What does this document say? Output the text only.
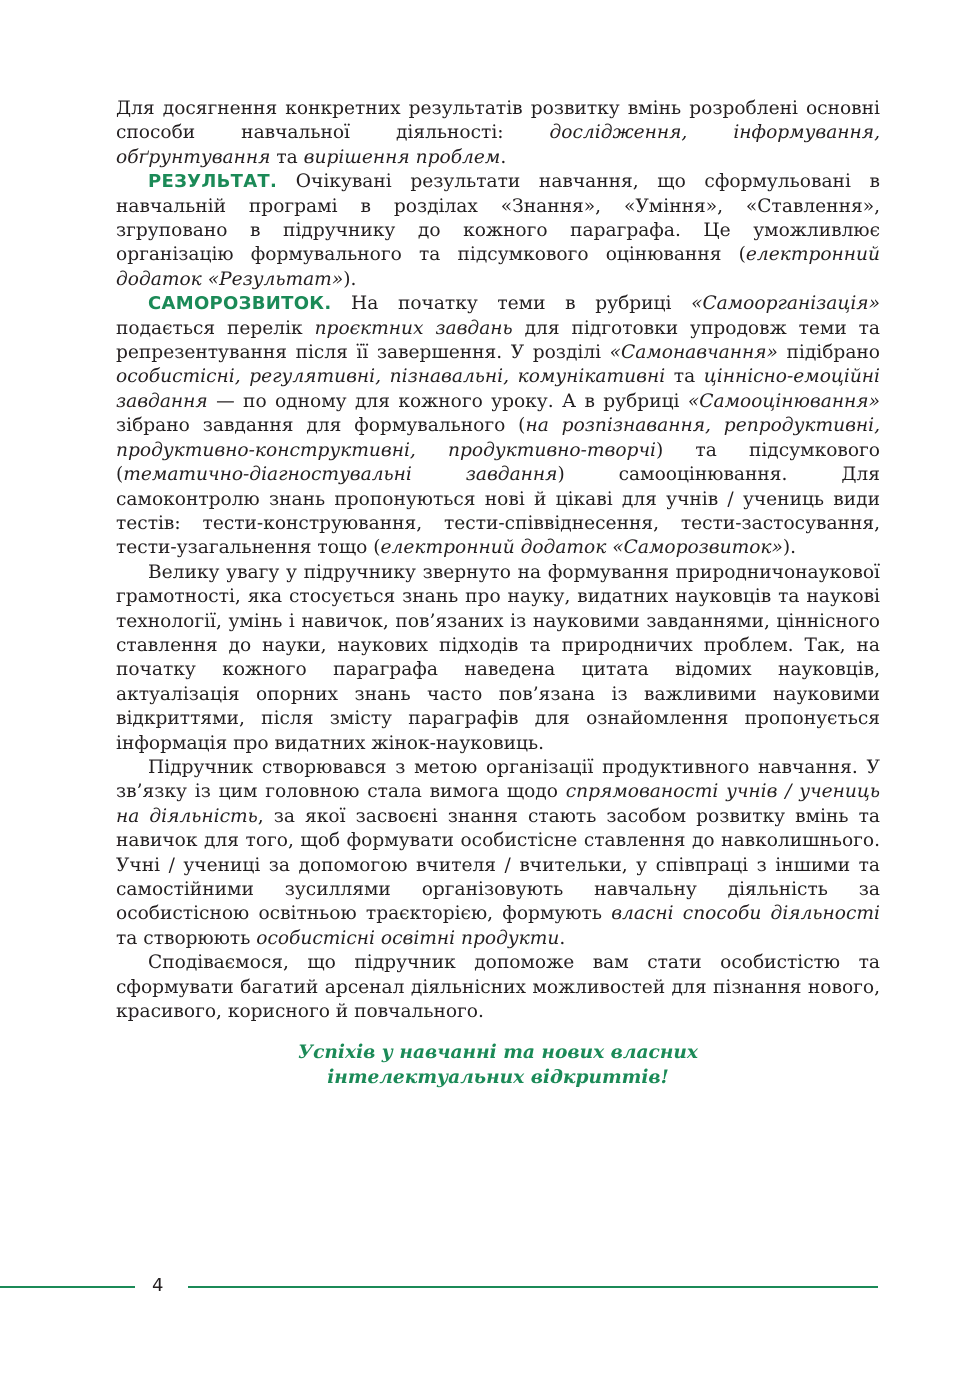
Для досягнення конкретних результатів розвитку вмінь розроблені основні способи навчальної діяльності: дослідження, інформування, обґрунтування та вирішення проблем.

РЕЗУЛЬТАТ. Очікувані результати навчання, що сформульовані в навчальній програмі в розділах «Знання», «Уміння», «Ставлення», згруповано в підручнику до кожного параграфа. Це уможливлює організацію формувального та підсумкового оцінювання (електронний додаток «Результат»).

САМОРОЗВИТОК. На початку теми в рубриці «Самоорганізація» подається перелік проєктних завдань для підготовки упродовж теми та репрезентування після її завершення. У розділі «Самонавчання» підібрано особистісні, регулятивні, пізнавальні, комунікативні та ціннісно-емоційні завдання — по одному для кожного уроку. А в рубриці «Самооцінювання» зібрано завдання для формувального (на розпізнавання, репродуктивні, продуктивно-конструктивні, продуктивно-творчі) та підсумкового (тематично-діагностувальні завдання) самооцінювання. Для самоконтролю знань пропонуються нові й цікаві для учнів / учениць види тестів: тести-конструювання, тести-співвіднесення, тести-застосування, тести-узагальнення тощо (електронний додаток «Саморозвиток»).

Велику увагу у підручнику звернуто на формування природничонаукової грамотності, яка стосується знань про науку, видатних науковців та наукові технології, умінь і навичок, пов’язаних із науковими завданнями, ціннісного ставлення до науки, наукових підходів та природничих проблем. Так, на початку кожного параграфа наведена цитата відомих науковців, актуалізація опорних знань часто пов’язана із важливими науковими відкриттями, після змісту параграфів для ознайомлення пропонується інформація про видатних жінок-науковиць.

Підручник створювався з метою організації продуктивного навчання. У зв’язку із цим головною стала вимога щодо спрямованості учнів / учениць на діяльність, за якої засвоєні знання стають засобом розвитку вмінь та навичок для того, щоб формувати особистісне ставлення до навколишнього. Учні / учениці за допомогою вчителя / вчительки, у співпраці з іншими та самостійними зусиллями організовують навчальну діяльність за особистісною освітньою траєкторією, формують власні способи діяльності та створюють особистісні освітні продукти.

Сподіваємося, що підручник допоможе вам стати особистістю та сформувати багатий арсенал діяльнісних можливостей для пізнання нового, красивого, корисного й повчального.

Успіхів у навчанні та нових власних
інтелектуальних відкриттів!
4
